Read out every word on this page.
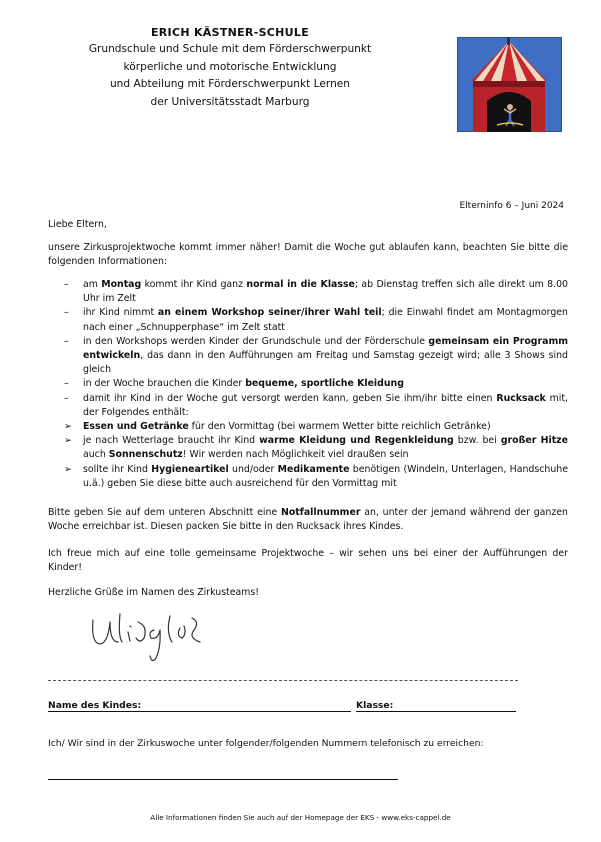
ERICH KÄSTNER-SCHULE
Grundschule und Schule mit dem Förderschwerpunkt
körperliche und motorische Entwicklung
und Abteilung mit Förderschwerpunkt Lernen
der Universitätsstadt Marburg
Elterninfo 6 – Juni 2024
Liebe Eltern,
unsere Zirkusprojektwoche kommt immer näher! Damit die Woche gut ablaufen kann, beachten Sie bitte die folgenden Informationen:
–	am Montag kommt ihr Kind ganz normal in die Klasse; ab Dienstag treffen sich alle direkt um 8.00 Uhr im Zelt
–	ihr Kind nimmt an einem Workshop seiner/ihrer Wahl teil; die Einwahl findet am Montagmorgen nach einer „Schnupperphase“ im Zelt statt
–	in den Workshops werden Kinder der Grundschule und der Förderschule gemeinsam ein Programm entwickeln, das dann in den Aufführungen am Freitag und Samstag gezeigt wird; alle 3 Shows sind gleich
–	in der Woche brauchen die Kinder bequeme, sportliche Kleidung
–	damit ihr Kind in der Woche gut versorgt werden kann, geben Sie ihm/ihr bitte einen Rucksack mit, der Folgendes enthält:
➢	Essen und Getränke für den Vormittag (bei warmem Wetter bitte reichlich Getränke)
➢	je nach Wetterlage braucht ihr Kind warme Kleidung und Regenkleidung bzw. bei großer Hitze auch Sonnenschutz! Wir werden nach Möglichkeit viel draußen sein
➢	sollte ihr Kind Hygieneartikel und/oder Medikamente benötigen (Windeln, Unterlagen, Handschuhe u.ä.) geben Sie diese bitte auch ausreichend für den Vormittag mit
Bitte geben Sie auf dem unteren Abschnitt eine Notfallnummer an, unter der jemand während der ganzen Woche erreichbar ist. Diesen packen Sie bitte in den Rucksack ihres Kindes.
Ich freue mich auf eine tolle gemeinsame Projektwoche – wir sehen uns bei einer der Aufführungen der Kinder!
Herzliche Grüße im Namen des Zirkusteams!
Name des Kindes:	Klasse:
Ich/ Wir sind in der Zirkuswoche unter folgender/folgenden Nummern telefonisch zu erreichen:
Alle Informationen finden Sie auch auf der Homepage der EKS - www.eks-cappel.de
